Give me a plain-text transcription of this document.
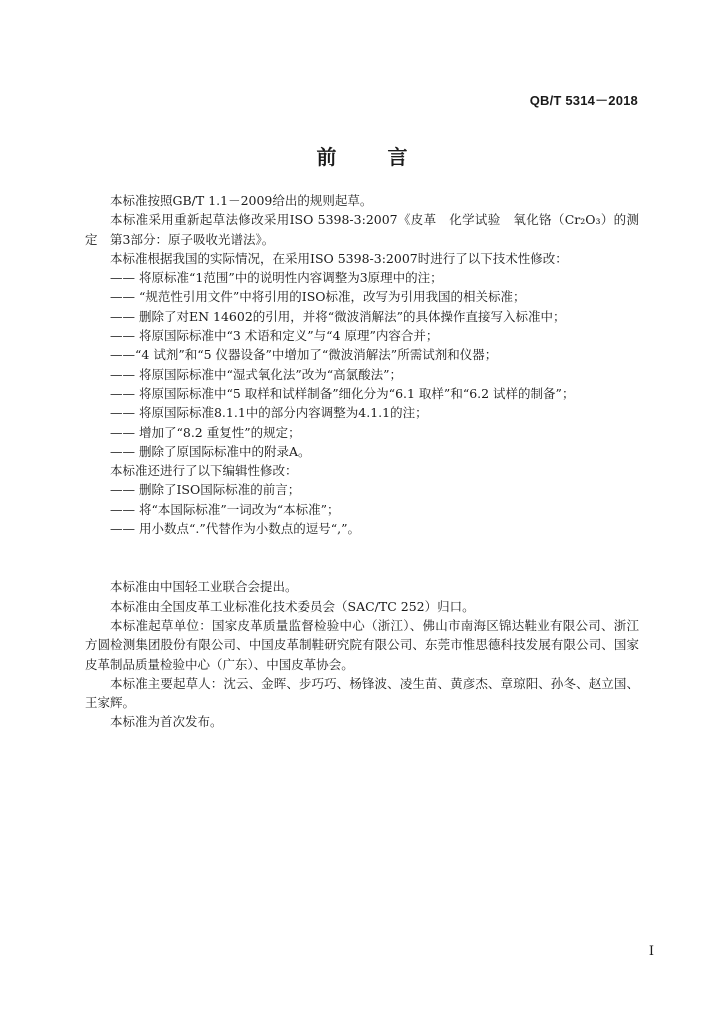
QB/T 5314－2018
前 言

本标准按照GB/T 1.1－2009给出的规则起草。

本标准采用重新起草法修改采用ISO 5398-3:2007《皮革　化学试验　氧化铬（Cr₂O₃）的测定　第3部分：原子吸收光谱法》。

本标准根据我国的实际情况，在采用ISO 5398-3:2007时进行了以下技术性修改：

—— 将原标准“1范围”中的说明性内容调整为3原理中的注；

—— “规范性引用文件”中将引用的ISO标准，改写为引用我国的相关标准；

—— 删除了对EN 14602的引用，并将“微波消解法”的具体操作直接写入标准中；

—— 将原国际标准中“3 术语和定义”与“4 原理”内容合并；

——“4 试剂”和“5 仪器设备”中增加了“微波消解法”所需试剂和仪器；

—— 将原国际标准中“湿式氧化法”改为“高氯酸法”；

—— 将原国际标准中“5 取样和试样制备”细化分为“6.1 取样”和“6.2 试样的制备”；

—— 将原国际标准8.1.1中的部分内容调整为4.1.1的注；

—— 增加了“8.2 重复性”的规定；

—— 删除了原国际标准中的附录A。

本标准还进行了以下编辑性修改：

—— 删除了ISO国际标准的前言；

—— 将“本国际标准”一词改为“本标准”；

—— 用小数点“.”代替作为小数点的逗号“,”。

本标准由中国轻工业联合会提出。

本标准由全国皮革工业标准化技术委员会（SAC/TC 252）归口。

本标准起草单位：国家皮革质量监督检验中心（浙江）、佛山市南海区锦达鞋业有限公司、浙江方圆检测集团股份有限公司、中国皮革制鞋研究院有限公司、东莞市惟思德科技发展有限公司、国家皮革制品质量检验中心（广东）、中国皮革协会。

本标准主要起草人：沈云、金晖、步巧巧、杨锋波、凌生苗、黄彦杰、章琼阳、孙冬、赵立国、王家辉。

本标准为首次发布。

I
